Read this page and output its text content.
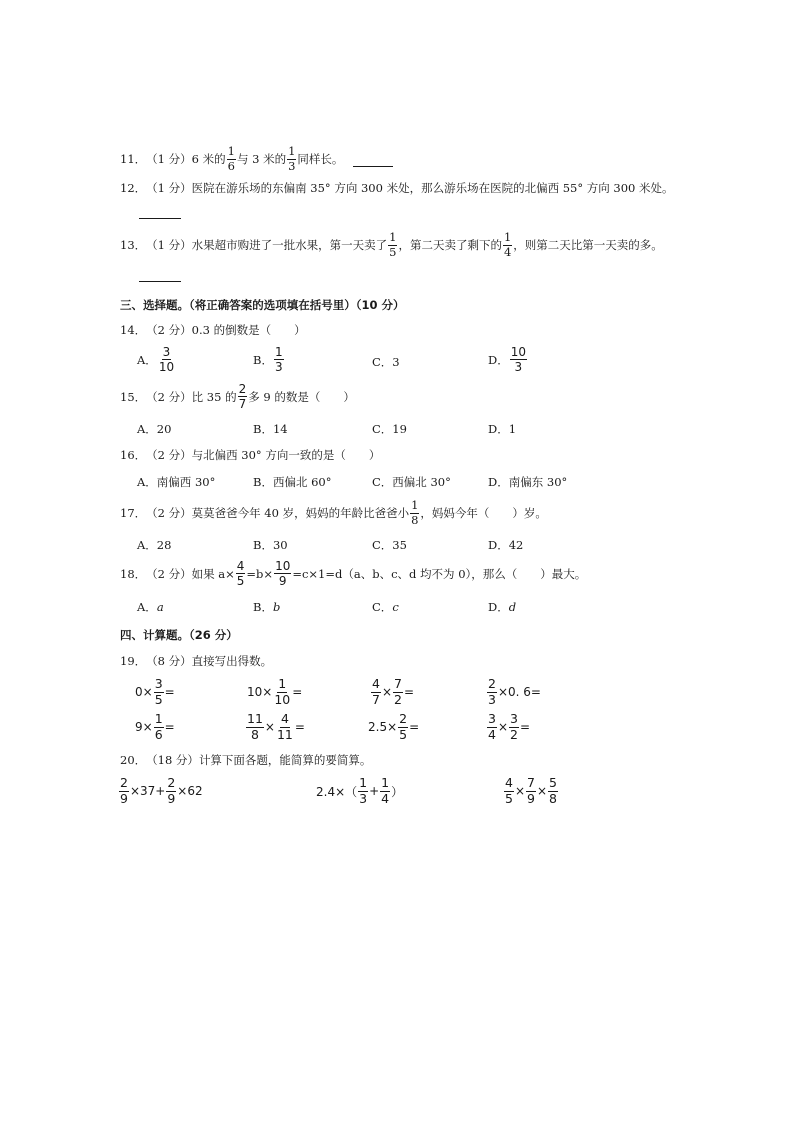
11． （1 分） 6 米的 $\frac{1}{6}$ 与 3 米的 $\frac{1}{3}$ 同样长。
12． （1 分） 医院在游乐场的东偏南 35° 方向 300 米处，那么游乐场在医院的北偏西 55° 方向 300 米处。
13． （1 分） 水果超市购进了一批水果，第一天卖了 $\frac{1}{5}$ ，第二天卖了剩下的 $\frac{1}{4}$ ，则第二天比第一天卖的多。
三、选择题。（将正确答案的选项填在括号里）（10 分）
14． （2 分） 0.3 的倒数是（　　）
A． $\frac{3}{10}$	B． $\frac{1}{3}$	C．3	D． $\frac{10}{3}$
15． （2 分） 比 35 的 $\frac{2}{7}$ 多 9 的数是（　　）
A．20	B．14	C．19	D．1
16． （2 分） 与北偏西 30° 方向一致的是（　　）
A．南偏西 30°	B．西偏北 60°	C．西偏北 30°	D．南偏东 30°
17． （2 分） 莫莫爸爸今年 40 岁，妈妈的年龄比爸爸小 $\frac{1}{8}$ ，妈妈今年（　　）岁。
A．28	B．30	C．35	D．42
18． （2 分） 如果 $a\times \frac{4}{5} =b\times \frac{10}{9} =c\times 1=d(a$、b、c、d 均不为 0），那么（　　）最大。
A． a	B． b	C． c	D． d
四、计算题。（26 分）
19． （8 分） 直接写出得数。
$0\times \frac{3}{5}$ =	$10\times \frac{1}{10}$ =	$\frac{4}{7} \times \frac{7}{2}$ =	$\frac{2}{3} \times 0$. 6=
$9\times \frac{1}{6}$ =	$\frac{11}{8} \times \frac{4}{11}$ =	$2.5\times \frac{2}{5}$ =	$\frac{3}{4} \times \frac{3}{2}$ =
20． （18 分） 计算下面各题，能简算的要简算。
$\frac{2}{9} \times 37+ \frac{2}{9} \times 62$	$2.4\times( \frac{1}{3} + \frac{1}{4}$ ）	$\frac{4}{5} \times \frac{7}{9} \times \frac{5}{8}$
